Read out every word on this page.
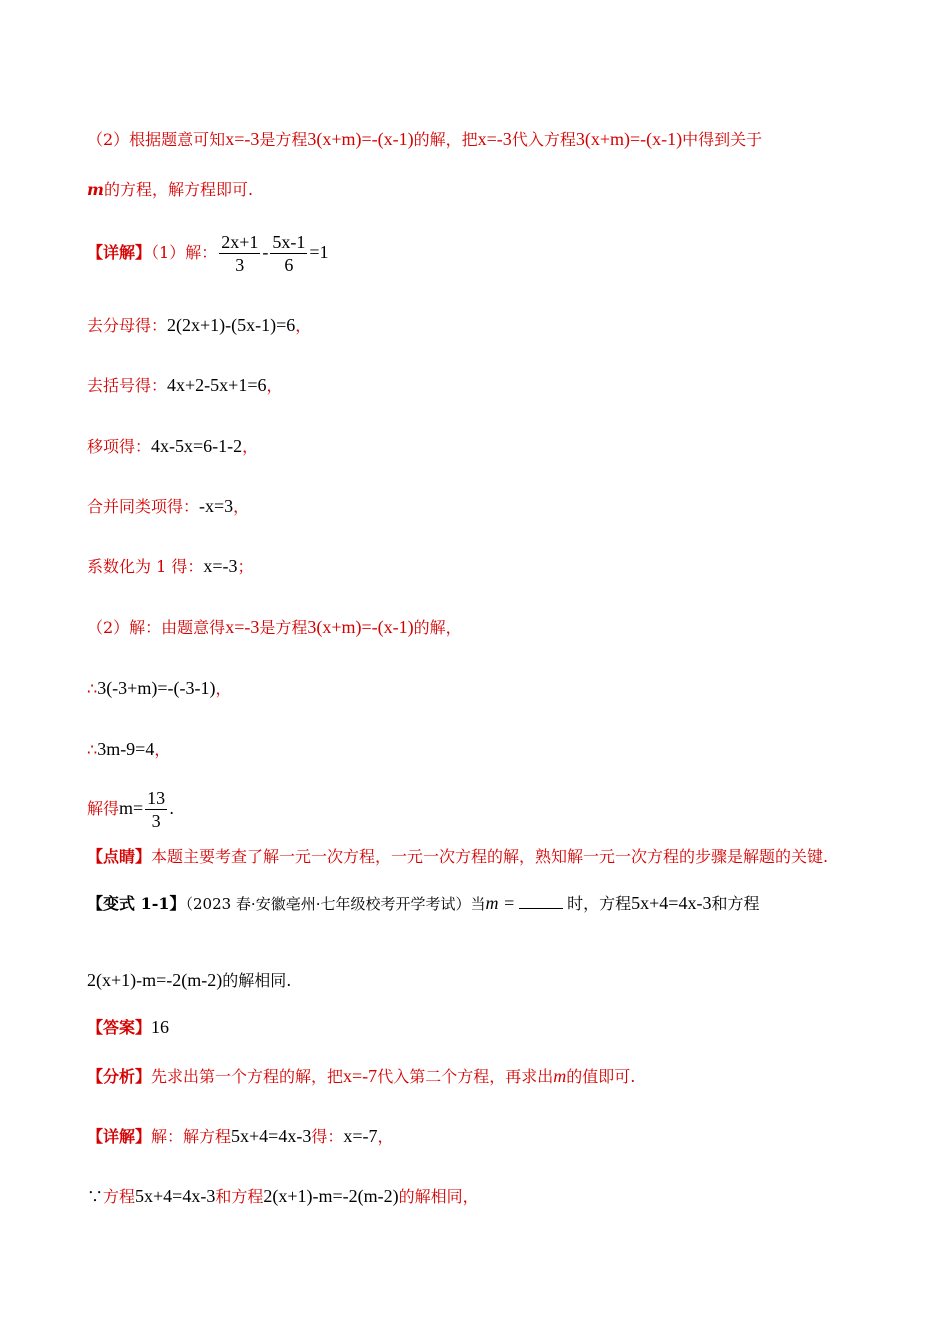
（2）根据题意可知x=-3是方程3(x+m)=-(x-1)的解，把x=-3代入方程3(x+m)=-(x-1)中得到关于
m的方程，解方程即可.
【详解】（1）解： $\frac{2x+1}{3} - \frac{5x-1}{6} =1$
去分母得：2(2x+1)-(5x-1)=6，
去括号得：4x+2-5x+1=6，
移项得：4x-5x=6-1-2，
合并同类项得：-x=3，
系数化为 1 得：x=-3；
（2）解：由题意得x=-3是方程3(x+m)=-(x-1)的解，
∴3(-3+m)=-(-3-1)，
∴3m-9=4，
解得$m= \frac{13}{3}$ .
【点睛】本题主要考查了解一元一次方程，一元一次方程的解，熟知解一元一次方程的步骤是解题的关键.
【变式 1-1】（2023 春·安徽亳州·七年级校考开学考试）当m =	时，方程5x+4=4x-3和方程
2(x+1)-m=-2(m-2)的解相同.
【答案】16
【分析】先求出第一个方程的解，把x=-7代入第二个方程，再求出m的值即可.
【详解】解：解方程5x+4=4x-3得：x=-7，
∵方程5x+4=4x-3和方程2(x+1)-m=-2(m-2)的解相同，
